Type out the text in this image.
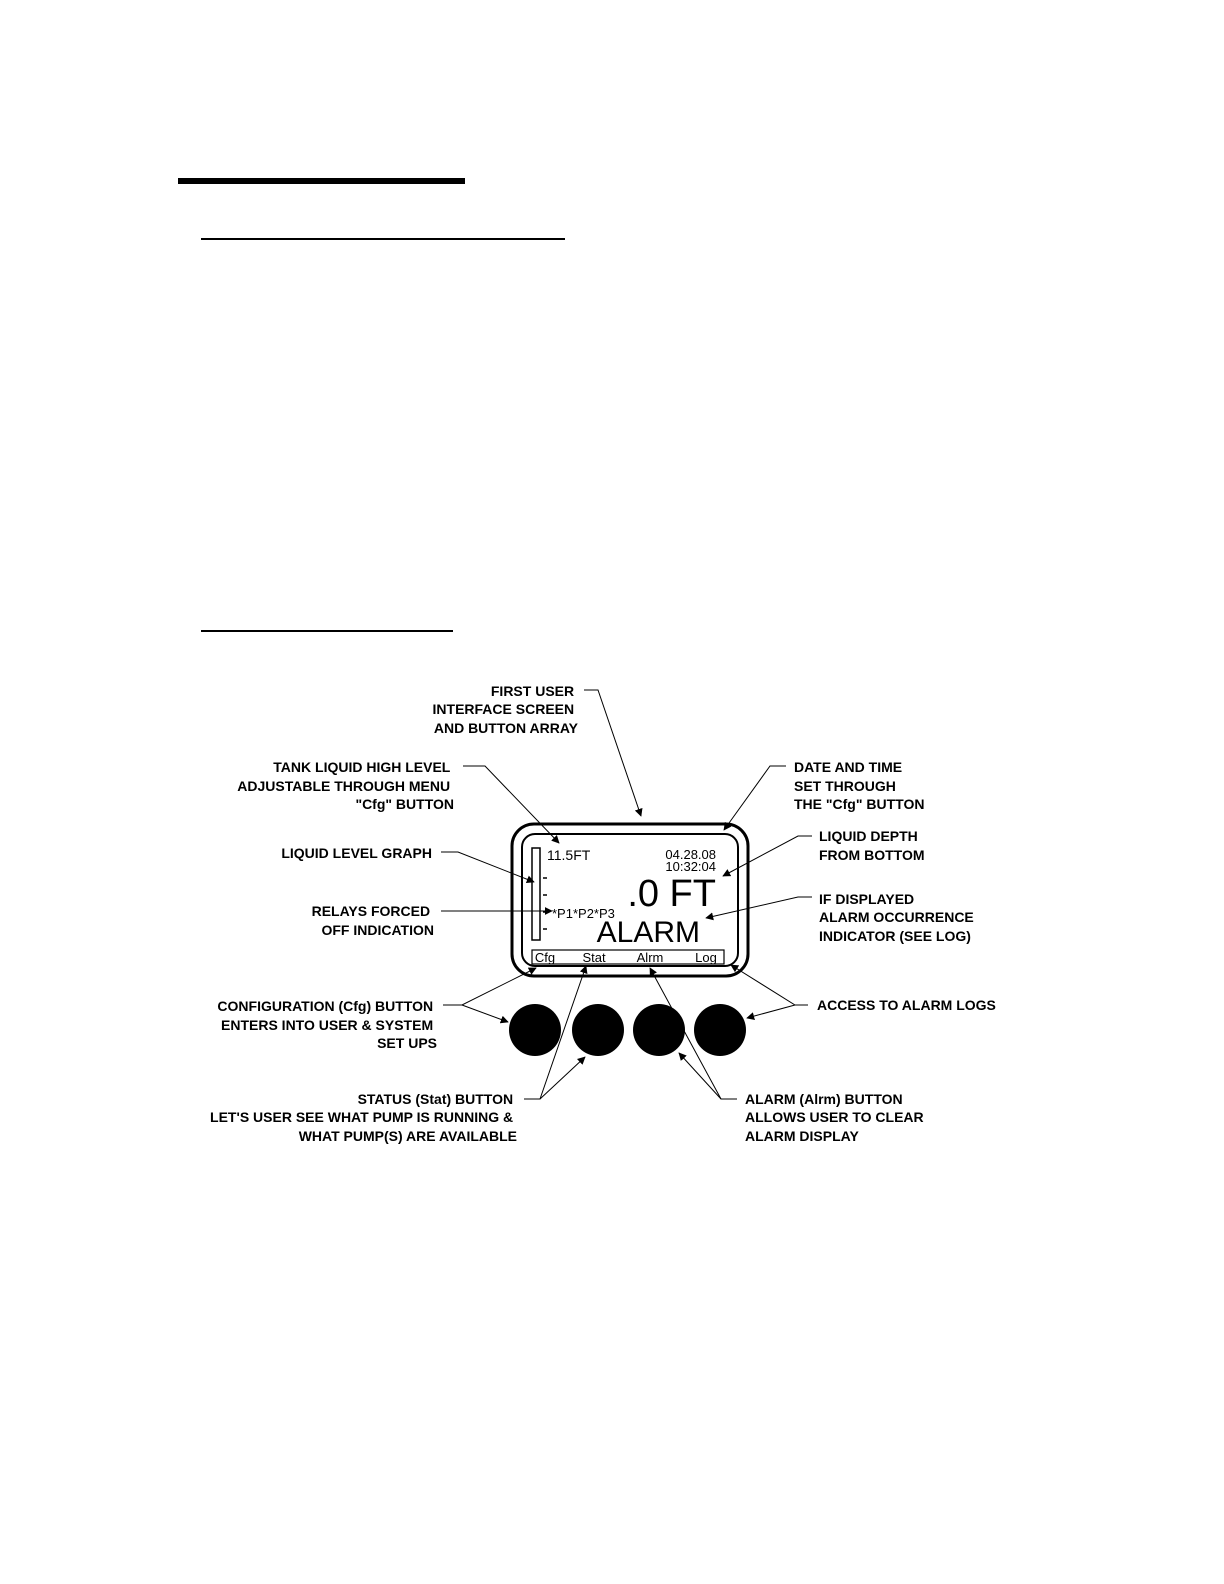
11.5FT	04.28.08
10:32:04
.0 FT
*P1*P2*P3
ALARM
Cfg Stat Alrm Log
FIRST USER INTERFACE SCREEN AND BUTTON ARRAY
TANK LIQUID HIGH LEVEL ADJUSTABLE THROUGH MENU "Cfg" BUTTON
LIQUID LEVEL GRAPH
RELAYS FORCED OFF INDICATION
CONFIGURATION (Cfg) BUTTON ENTERS INTO USER & SYSTEM SET UPS
STATUS (Stat) BUTTON LET'S USER SEE WHAT PUMP IS RUNNING & WHAT PUMP(S) ARE AVAILABLE
DATE AND TIME SET THROUGH THE "Cfg" BUTTON
LIQUID DEPTH FROM BOTTOM
IF DISPLAYED ALARM OCCURRENCE INDICATOR (SEE LOG)
ACCESS TO ALARM LOGS
ALARM (Alrm) BUTTON ALLOWS USER TO CLEAR ALARM DISPLAY
